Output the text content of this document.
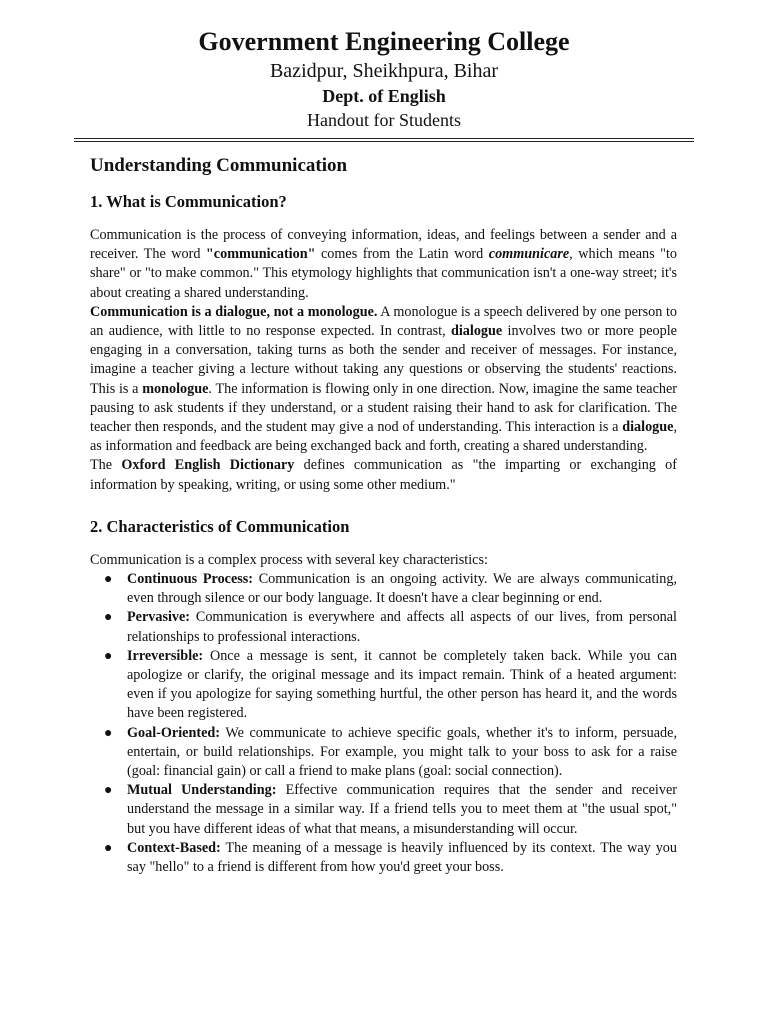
Government Engineering College

Bazidpur, Sheikhpura, Bihar

Dept. of English

Handout for Students

Understanding Communication
1. What is Communication?

Communication is the process of conveying information, ideas, and feelings between a sender and a receiver. The word "communication" comes from the Latin word communicare, which means "to share" or "to make common." This etymology highlights that communication isn't a one-way street; it's about creating a shared understanding.

Communication is a dialogue, not a monologue. A monologue is a speech delivered by one person to an audience, with little to no response expected. In contrast, dialogue involves two or more people engaging in a conversation, taking turns as both the sender and receiver of messages. For instance, imagine a teacher giving a lecture without taking any questions or observing the students' reactions. This is a monologue. The information is flowing only in one direction. Now, imagine the same teacher pausing to ask students if they understand, or a student raising their hand to ask for clarification. The teacher then responds, and the student may give a nod of understanding. This interaction is a dialogue, as information and feedback are being exchanged back and forth, creating a shared understanding.

The Oxford English Dictionary defines communication as "the imparting or exchanging of information by speaking, writing, or using some other medium."

2. Characteristics of Communication

Communication is a complex process with several key characteristics:

● Continuous Process: Communication is an ongoing activity. We are always communicating, even through silence or our body language. It doesn't have a clear beginning or end.
● Pervasive: Communication is everywhere and affects all aspects of our lives, from personal relationships to professional interactions.
● Irreversible: Once a message is sent, it cannot be completely taken back. While you can apologize or clarify, the original message and its impact remain. Think of a heated argument: even if you apologize for saying something hurtful, the other person has heard it, and the words have been registered.
● Goal-Oriented: We communicate to achieve specific goals, whether it's to inform, persuade, entertain, or build relationships. For example, you might talk to your boss to ask for a raise (goal: financial gain) or call a friend to make plans (goal: social connection).
● Mutual Understanding: Effective communication requires that the sender and receiver understand the message in a similar way. If a friend tells you to meet them at "the usual spot," but you have different ideas of what that means, a misunderstanding will occur.
● Context-Based: The meaning of a message is heavily influenced by its context. The way you say "hello" to a friend is different from how you'd greet your boss.
